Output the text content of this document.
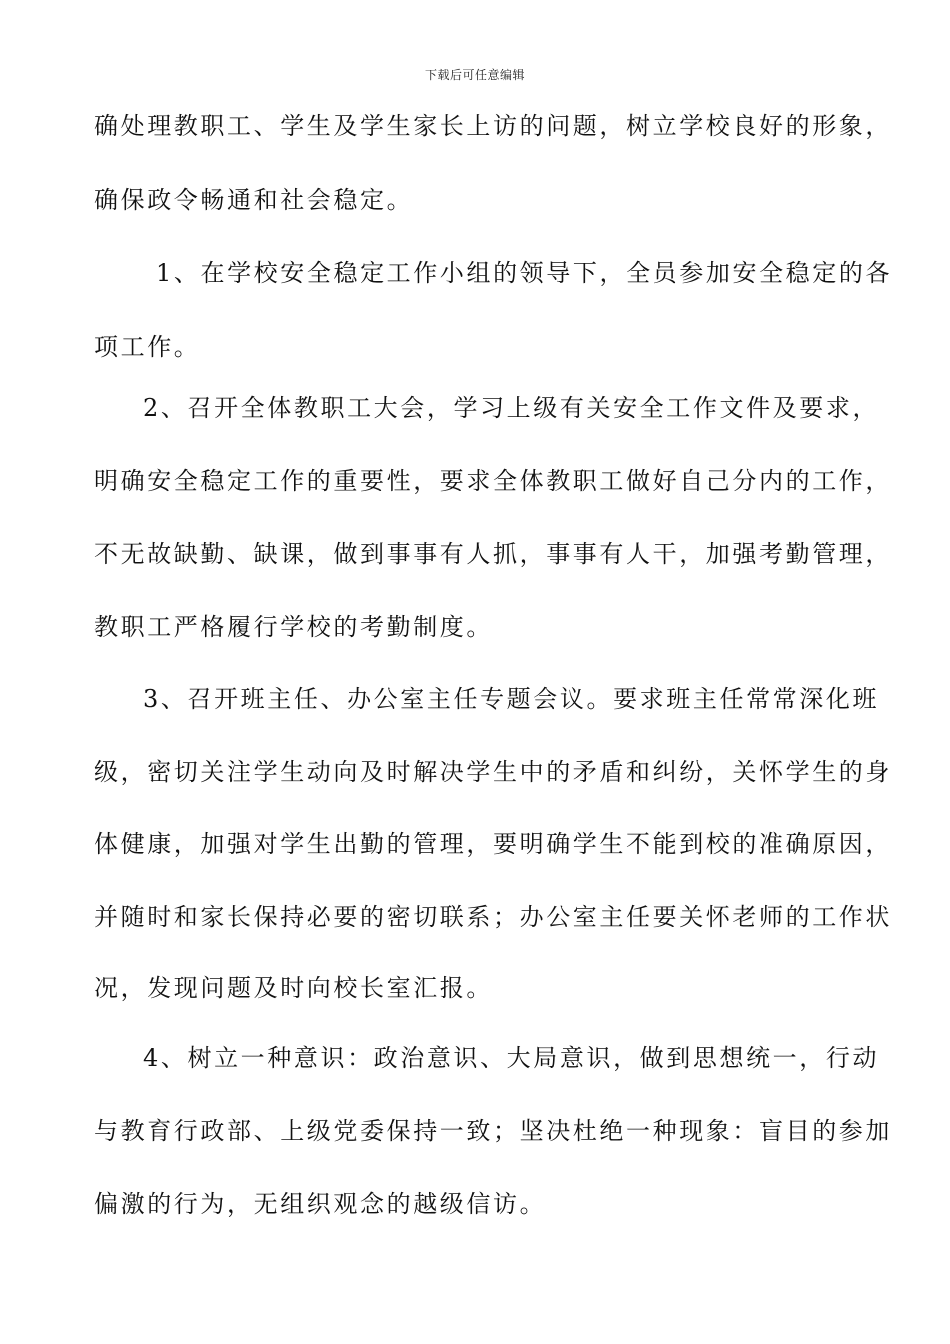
下载后可任意编辑
确处理教职工、学生及学生家长上访的问题，树立学校良好的形象，
确保政令畅通和社会稳定。
1、在学校安全稳定工作小组的领导下，全员参加安全稳定的各
项工作。
2、召开全体教职工大会，学习上级有关安全工作文件及要求，
明确安全稳定工作的重要性，要求全体教职工做好自己分内的工作，
不无故缺勤、缺课，做到事事有人抓，事事有人干，加强考勤管理，
教职工严格履行学校的考勤制度。
3、召开班主任、办公室主任专题会议。要求班主任常常深化班
级，密切关注学生动向及时解决学生中的矛盾和纠纷，关怀学生的身
体健康，加强对学生出勤的管理，要明确学生不能到校的准确原因，
并随时和家长保持必要的密切联系；办公室主任要关怀老师的工作状
况，发现问题及时向校长室汇报。
4、树立一种意识：政治意识、大局意识，做到思想统一，行动
与教育行政部、上级党委保持一致；坚决杜绝一种现象：盲目的参加
偏激的行为，无组织观念的越级信访。
